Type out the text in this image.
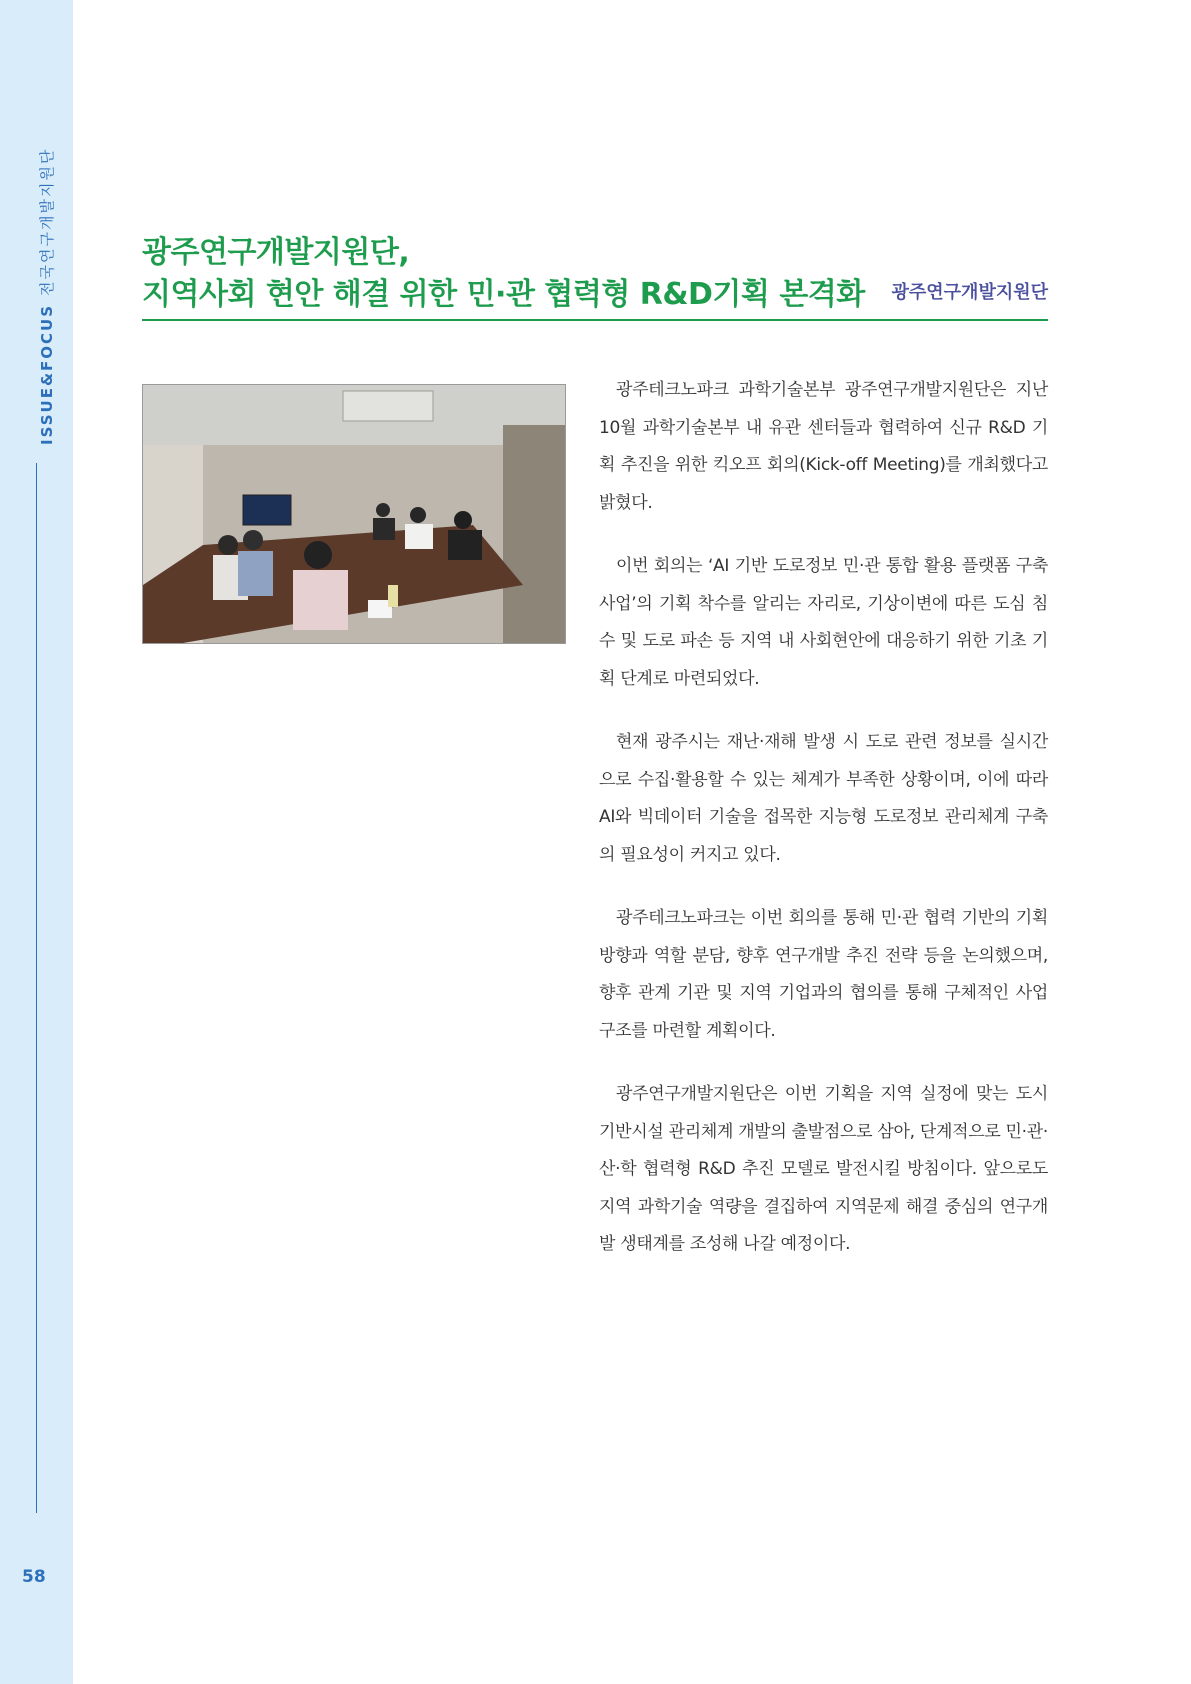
ISSUE&FOCUS전국연구개발지원단
58
광주연구개발지원단,
지역사회 현안 해결 위한 민·관 협력형 R&D기획 본격화 광주연구개발지원단

광주테크노파크 과학기술본부 광주연구개발지원단은 지난 10월 과학기술본부 내 유관 센터들과 협력하여 신규 R&D 기획 추진을 위한 킥오프 회의(Kick-off Meeting)를 개최했다고 밝혔다.

이번 회의는 ‘AI 기반 도로정보 민·관 통합 활용 플랫폼 구축 사업’의 기획 착수를 알리는 자리로, 기상이변에 따른 도심 침수 및 도로 파손 등 지역 내 사회현안에 대응하기 위한 기초 기획 단계로 마련되었다.

현재 광주시는 재난·재해 발생 시 도로 관련 정보를 실시간으로 수집·활용할 수 있는 체계가 부족한 상황이며, 이에 따라 AI와 빅데이터 기술을 접목한 지능형 도로정보 관리체계 구축의 필요성이 커지고 있다.

광주테크노파크는 이번 회의를 통해 민·관 협력 기반의 기획 방향과 역할 분담, 향후 연구개발 추진 전략 등을 논의했으며, 향후 관계 기관 및 지역 기업과의 협의를 통해 구체적인 사업 구조를 마련할 계획이다.

광주연구개발지원단은 이번 기획을 지역 실정에 맞는 도시 기반시설 관리체계 개발의 출발점으로 삼아, 단계적으로 민·관·산·학 협력형 R&D 추진 모델로 발전시킬 방침이다. 앞으로도 지역 과학기술 역량을 결집하여 지역문제 해결 중심의 연구개발 생태계를 조성해 나갈 예정이다.
